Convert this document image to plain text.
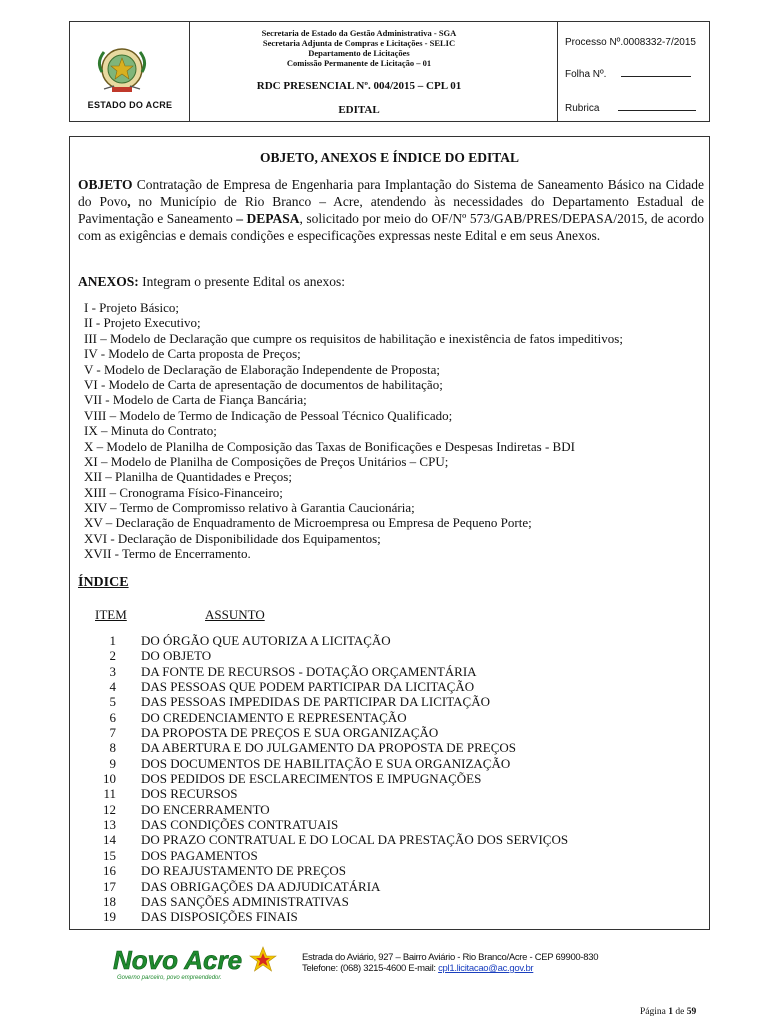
ESTADO DO ACRE
Secretaria de Estado da Gestão Administrativa - SGA
Secretaria Adjunta de Compras e Licitações - SELIC
Departamento de Licitações
Comissão Permanente de Licitação – 01
RDC PRESENCIAL Nº. 004/2015 – CPL 01
EDITAL
Processo Nº.0008332-7/2015
Folha Nº.
Rubrica
OBJETO, ANEXOS E ÍNDICE DO EDITAL
OBJETO Contratação de Empresa de Engenharia para Implantação do Sistema de Saneamento Básico na Cidade do Povo, no Município de Rio Branco – Acre, atendendo às necessidades do Departamento Estadual de Pavimentação e Saneamento – DEPASA, solicitado por meio do OF/Nº 573/GAB/PRES/DEPASA/2015, de acordo com as exigências e demais condições e especificações expressas neste Edital e em seus Anexos.
ANEXOS: Integram o presente Edital os anexos:
I - Projeto Básico;
II - Projeto Executivo;
III – Modelo de Declaração que cumpre os requisitos de habilitação e inexistência de fatos impeditivos;
IV - Modelo de Carta proposta de Preços;
V - Modelo de Declaração de Elaboração Independente de Proposta;
VI - Modelo de Carta de apresentação de documentos de habilitação;
VII - Modelo de Carta de Fiança Bancária;
VIII – Modelo de Termo de Indicação de Pessoal Técnico Qualificado;
IX – Minuta do Contrato;
X – Modelo de Planilha de Composição das Taxas de Bonificações e Despesas Indiretas - BDI
XI – Modelo de Planilha de Composições de Preços Unitários – CPU;
XII – Planilha de Quantidades e Preços;
XIII – Cronograma Físico-Financeiro;
XIV – Termo de Compromisso relativo à Garantia Caucionária;
XV – Declaração de Enquadramento de Microempresa ou Empresa de Pequeno Porte;
XVI - Declaração de Disponibilidade dos Equipamentos;
XVII - Termo de Encerramento.
ÍNDICE
ITEM	ASSUNTO
1 DO ÓRGÃO QUE AUTORIZA A LICITAÇÃO
2 DO OBJETO
3 DA FONTE DE RECURSOS - DOTAÇÃO ORÇAMENTÁRIA
4 DAS PESSOAS QUE PODEM PARTICIPAR DA LICITAÇÃO
5 DAS PESSOAS IMPEDIDAS DE PARTICIPAR DA LICITAÇÃO
6 DO CREDENCIAMENTO E REPRESENTAÇÃO
7 DA PROPOSTA DE PREÇOS E SUA ORGANIZAÇÃO
8 DA ABERTURA E DO JULGAMENTO DA PROPOSTA DE PREÇOS
9 DOS DOCUMENTOS DE HABILITAÇÃO E SUA ORGANIZAÇÃO
10 DOS PEDIDOS DE ESCLARECIMENTOS E IMPUGNAÇÕES
11 DOS RECURSOS
12 DO ENCERRAMENTO
13 DAS CONDIÇÕES CONTRATUAIS
14 DO PRAZO CONTRATUAL E DO LOCAL DA PRESTAÇÃO DOS SERVIÇOS
15 DOS PAGAMENTOS
16 DO REAJUSTAMENTO DE PREÇOS
17 DAS OBRIGAÇÕES DA ADJUDICATÁRIA
18 DAS SANÇÕES ADMINISTRATIVAS
19 DAS DISPOSIÇÕES FINAIS
Novo Acre
Governo parceiro, povo empreendedor.
Estrada do Aviário, 927 – Bairro Aviário - Rio Branco/Acre - CEP 69900-830
Telefone: (068) 3215-4600 E-mail: cpl1.licitacao@ac.gov.br
Página 1 de 59
